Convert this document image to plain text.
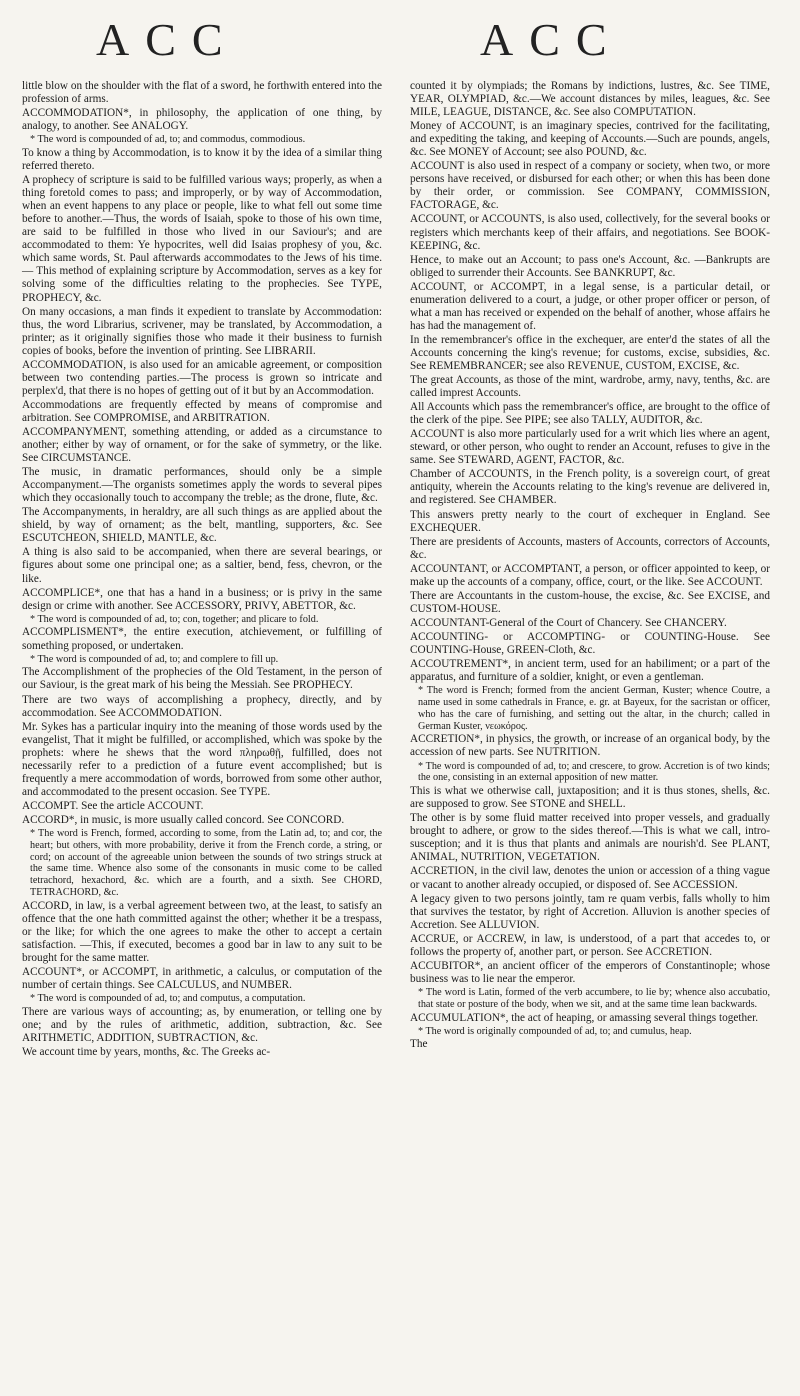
ACC	ACC

little blow on the shoulder with the flat of a sword, he forthwith entered into the profession of arms.

ACCOMMODATION*, in philosophy, the application of one thing, by analogy, to another. See ANALOGY.

* The word is compounded of ad, to; and commodus, commodious.

To know a thing by Accommodation, is to know it by the idea of a similar thing referred thereto.

A prophecy of scripture is said to be fulfilled various ways; properly, as when a thing foretold comes to pass; and improperly, or by way of Accommodation, when an event happens to any place or people, like to what fell out some time before to another.—Thus, the words of Isaiah, spoke to those of his own time, are said to be fulfilled in those who lived in our Saviour's; and are accommodated to them: Ye hypocrites, well did Isaias prophesy of you, &c. which same words, St. Paul afterwards accommodates to the Jews of his time.— This method of explaining scripture by Accommodation, serves as a key for solving some of the difficulties relating to the prophecies. See TYPE, PROPHECY, &c.

On many occasions, a man finds it expedient to translate by Accommodation: thus, the word Librarius, scrivener, may be translated, by Accommodation, a printer; as it originally signifies those who made it their business to furnish copies of books, before the invention of printing. See LIBRARII.

ACCOMMODATION, is also used for an amicable agreement, or composition between two contending parties.—The process is grown so intricate and perplex'd, that there is no hopes of getting out of it but by an Accommodation.

Accommodations are frequently effected by means of compromise and arbitration. See COMPROMISE, and ARBITRATION.

ACCOMPANYMENT, something attending, or added as a circumstance to another; either by way of ornament, or for the sake of symmetry, or the like. See CIRCUMSTANCE.

The music, in dramatic performances, should only be a simple Accompanyment.—The organists sometimes apply the words to several pipes which they occasionally touch to accompany the treble; as the drone, flute, &c.

The Accompanyments, in heraldry, are all such things as are applied about the shield, by way of ornament; as the belt, mantling, supporters, &c. See ESCUTCHEON, SHIELD, MANTLE, &c.

A thing is also said to be accompanied, when there are several bearings, or figures about some one principal one; as a saltier, bend, fess, chevron, or the like.

ACCOMPLICE*, one that has a hand in a business; or is privy in the same design or crime with another. See ACCESSORY, PRIVY, ABETTOR, &c.

* The word is compounded of ad, to; con, together; and plicare to fold.

ACCOMPLISMENT*, the entire execution, atchievement, or fulfilling of something proposed, or undertaken.

* The word is compounded of ad, to; and complere to fill up.

The Accomplishment of the prophecies of the Old Testament, in the person of our Saviour, is the great mark of his being the Messiah. See PROPHECY.

There are two ways of accomplishing a prophecy, directly, and by accommodation. See ACCOMMODATION.

Mr. Sykes has a particular inquiry into the meaning of those words used by the evangelist, That it might be fulfilled, or accomplished, which was spoke by the prophets: where he shews that the word πληρωθῇ, fulfilled, does not necessarily refer to a prediction of a future event accomplished; but is frequently a mere accommodation of words, borrowed from some other author, and accommodated to the present occasion. See TYPE.

ACCOMPT. See the article ACCOUNT.

ACCORD*, in music, is more usually called concord. See CONCORD.

* The word is French, formed, according to some, from the Latin ad, to; and cor, the heart; but others, with more probability, derive it from the French corde, a string, or cord; on account of the agreeable union between the sounds of two strings struck at the same time. Whence also some of the consonants in music come to be called tetrachord, hexachord, &c. which are a fourth, and a sixth. See CHORD, TETRACHORD, &c.

ACCORD, in law, is a verbal agreement between two, at the least, to satisfy an offence that the one hath committed against the other; whether it be a trespass, or the like; for which the one agrees to make the other to accept a certain satisfaction. —This, if executed, becomes a good bar in law to any suit to be brought for the same matter.

ACCOUNT*, or ACCOMPT, in arithmetic, a calculus, or computation of the number of certain things. See CALCULUS, and NUMBER.

* The word is compounded of ad, to; and computus, a computation.

There are various ways of accounting; as, by enumeration, or telling one by one; and by the rules of arithmetic, addition, subtraction, &c. See ARITHMETIC, ADDITION, SUBTRACTION, &c.

We account time by years, months, &c. The Greeks ac-

counted it by olympiads; the Romans by indictions, lustres, &c. See TIME, YEAR, OLYMPIAD, &c.—We account distances by miles, leagues, &c. See MILE, LEAGUE, DISTANCE, &c. See also COMPUTATION.

Money of ACCOUNT, is an imaginary species, contrived for the facilitating, and expediting the taking, and keeping of Accounts.—Such are pounds, angels, &c. See MONEY of Account; see also POUND, &c.

ACCOUNT is also used in respect of a company or society, when two, or more persons have received, or disbursed for each other; or when this has been done by their order, or commission. See COMPANY, COMMISSION, FACTORAGE, &c.

ACCOUNT, or ACCOUNTS, is also used, collectively, for the several books or registers which merchants keep of their affairs, and negotiations. See BOOK-KEEPING, &c.

Hence, to make out an Account; to pass one's Account, &c. —Bankrupts are obliged to surrender their Accounts. See BANKRUPT, &c.

ACCOUNT, or ACCOMPT, in a legal sense, is a particular detail, or enumeration delivered to a court, a judge, or other proper officer or person, of what a man has received or expended on the behalf of another, whose affairs he has had the management of.

In the remembrancer's office in the exchequer, are enter'd the states of all the Accounts concerning the king's revenue; for customs, excise, subsidies, &c. See REMEMBRANCER; see also REVENUE, CUSTOM, EXCISE, &c.

The great Accounts, as those of the mint, wardrobe, army, navy, tenths, &c. are called imprest Accounts.

All Accounts which pass the remembrancer's office, are brought to the office of the clerk of the pipe. See PIPE; see also TALLY, AUDITOR, &c.

ACCOUNT is also more particularly used for a writ which lies where an agent, steward, or other person, who ought to render an Account, refuses to give in the same. See STEWARD, AGENT, FACTOR, &c.

Chamber of ACCOUNTS, in the French polity, is a sovereign court, of great antiquity, wherein the Accounts relating to the king's revenue are delivered in, and registered. See CHAMBER.

This answers pretty nearly to the court of exchequer in England. See EXCHEQUER.

There are presidents of Accounts, masters of Accounts, correctors of Accounts, &c.

ACCOUNTANT, or ACCOMPTANT, a person, or officer appointed to keep, or make up the accounts of a company, office, court, or the like. See ACCOUNT.

There are Accountants in the custom-house, the excise, &c. See EXCISE, and CUSTOM-HOUSE.

ACCOUNTANT-General of the Court of Chancery. See CHANCERY.

ACCOUNTING- or ACCOMPTING- or COUNTING-House. See COUNTING-House, GREEN-Cloth, &c.

ACCOUTREMENT*, in ancient term, used for an habiliment; or a part of the apparatus, and furniture of a soldier, knight, or even a gentleman.

* The word is French; formed from the ancient German, Kuster; whence Coutre, a name used in some cathedrals in France, e. gr. at Bayeux, for the sacristan or officer, who has the care of furnishing, and setting out the altar, in the church; called in German Kuster, νεωκόρος.

ACCRETION*, in physics, the growth, or increase of an organical body, by the accession of new parts. See NUTRITION.

* The word is compounded of ad, to; and crescere, to grow. Accretion is of two kinds; the one, consisting in an external apposition of new matter.

This is what we otherwise call, juxtaposition; and it is thus stones, shells, &c. are supposed to grow. See STONE and SHELL.

The other is by some fluid matter received into proper vessels, and gradually brought to adhere, or grow to the sides thereof.—This is what we call, intro-susception; and it is thus that plants and animals are nourish'd. See PLANT, ANIMAL, NUTRITION, VEGETATION.

ACCRETION, in the civil law, denotes the union or accession of a thing vague or vacant to another already occupied, or disposed of. See ACCESSION.

A legacy given to two persons jointly, tam re quam verbis, falls wholly to him that survives the testator, by right of Accretion. Alluvion is another species of Accretion. See ALLUVION.

ACCRUE, or ACCREW, in law, is understood, of a part that accedes to, or follows the property of, another part, or person. See ACCRETION.

ACCUBITOR*, an ancient officer of the emperors of Constantinople; whose business was to lie near the emperor.

* The word is Latin, formed of the verb accumbere, to lie by; whence also accubatio, that state or posture of the body, when we sit, and at the same time lean backwards.

ACCUMULATION*, the act of heaping, or amassing several things together.

* The word is originally compounded of ad, to; and cumulus, heap.

The
